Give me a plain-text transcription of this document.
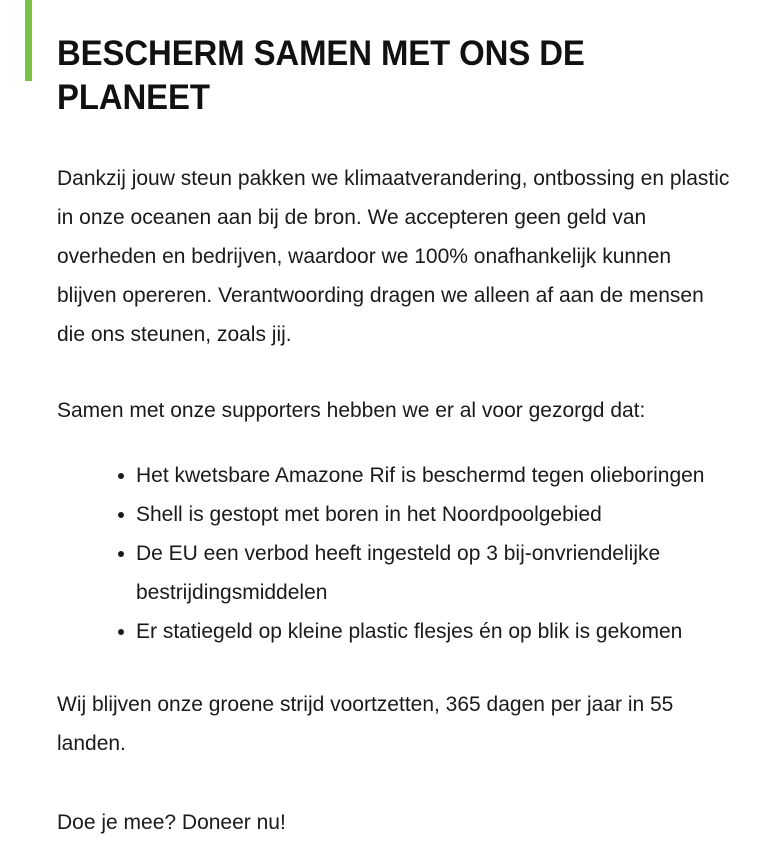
BESCHERM SAMEN MET ONS DE PLANEET

Dankzij jouw steun pakken we klimaatverandering, ontbossing en plastic in onze oceanen aan bij de bron. We accepteren geen geld van overheden en bedrijven, waardoor we 100% onafhankelijk kunnen blijven opereren. Verantwoording dragen we alleen af aan de mensen die ons steunen, zoals jij.

Samen met onze supporters hebben we er al voor gezorgd dat:

Het kwetsbare Amazone Rif is beschermd tegen olieboringen
Shell is gestopt met boren in het Noordpoolgebied
De EU een verbod heeft ingesteld op 3 bij-onvriendelijke bestrijdingsmiddelen
Er statiegeld op kleine plastic flesjes én op blik is gekomen

Wij blijven onze groene strijd voortzetten, 365 dagen per jaar in 55 landen.

Doe je mee? Doneer nu!
